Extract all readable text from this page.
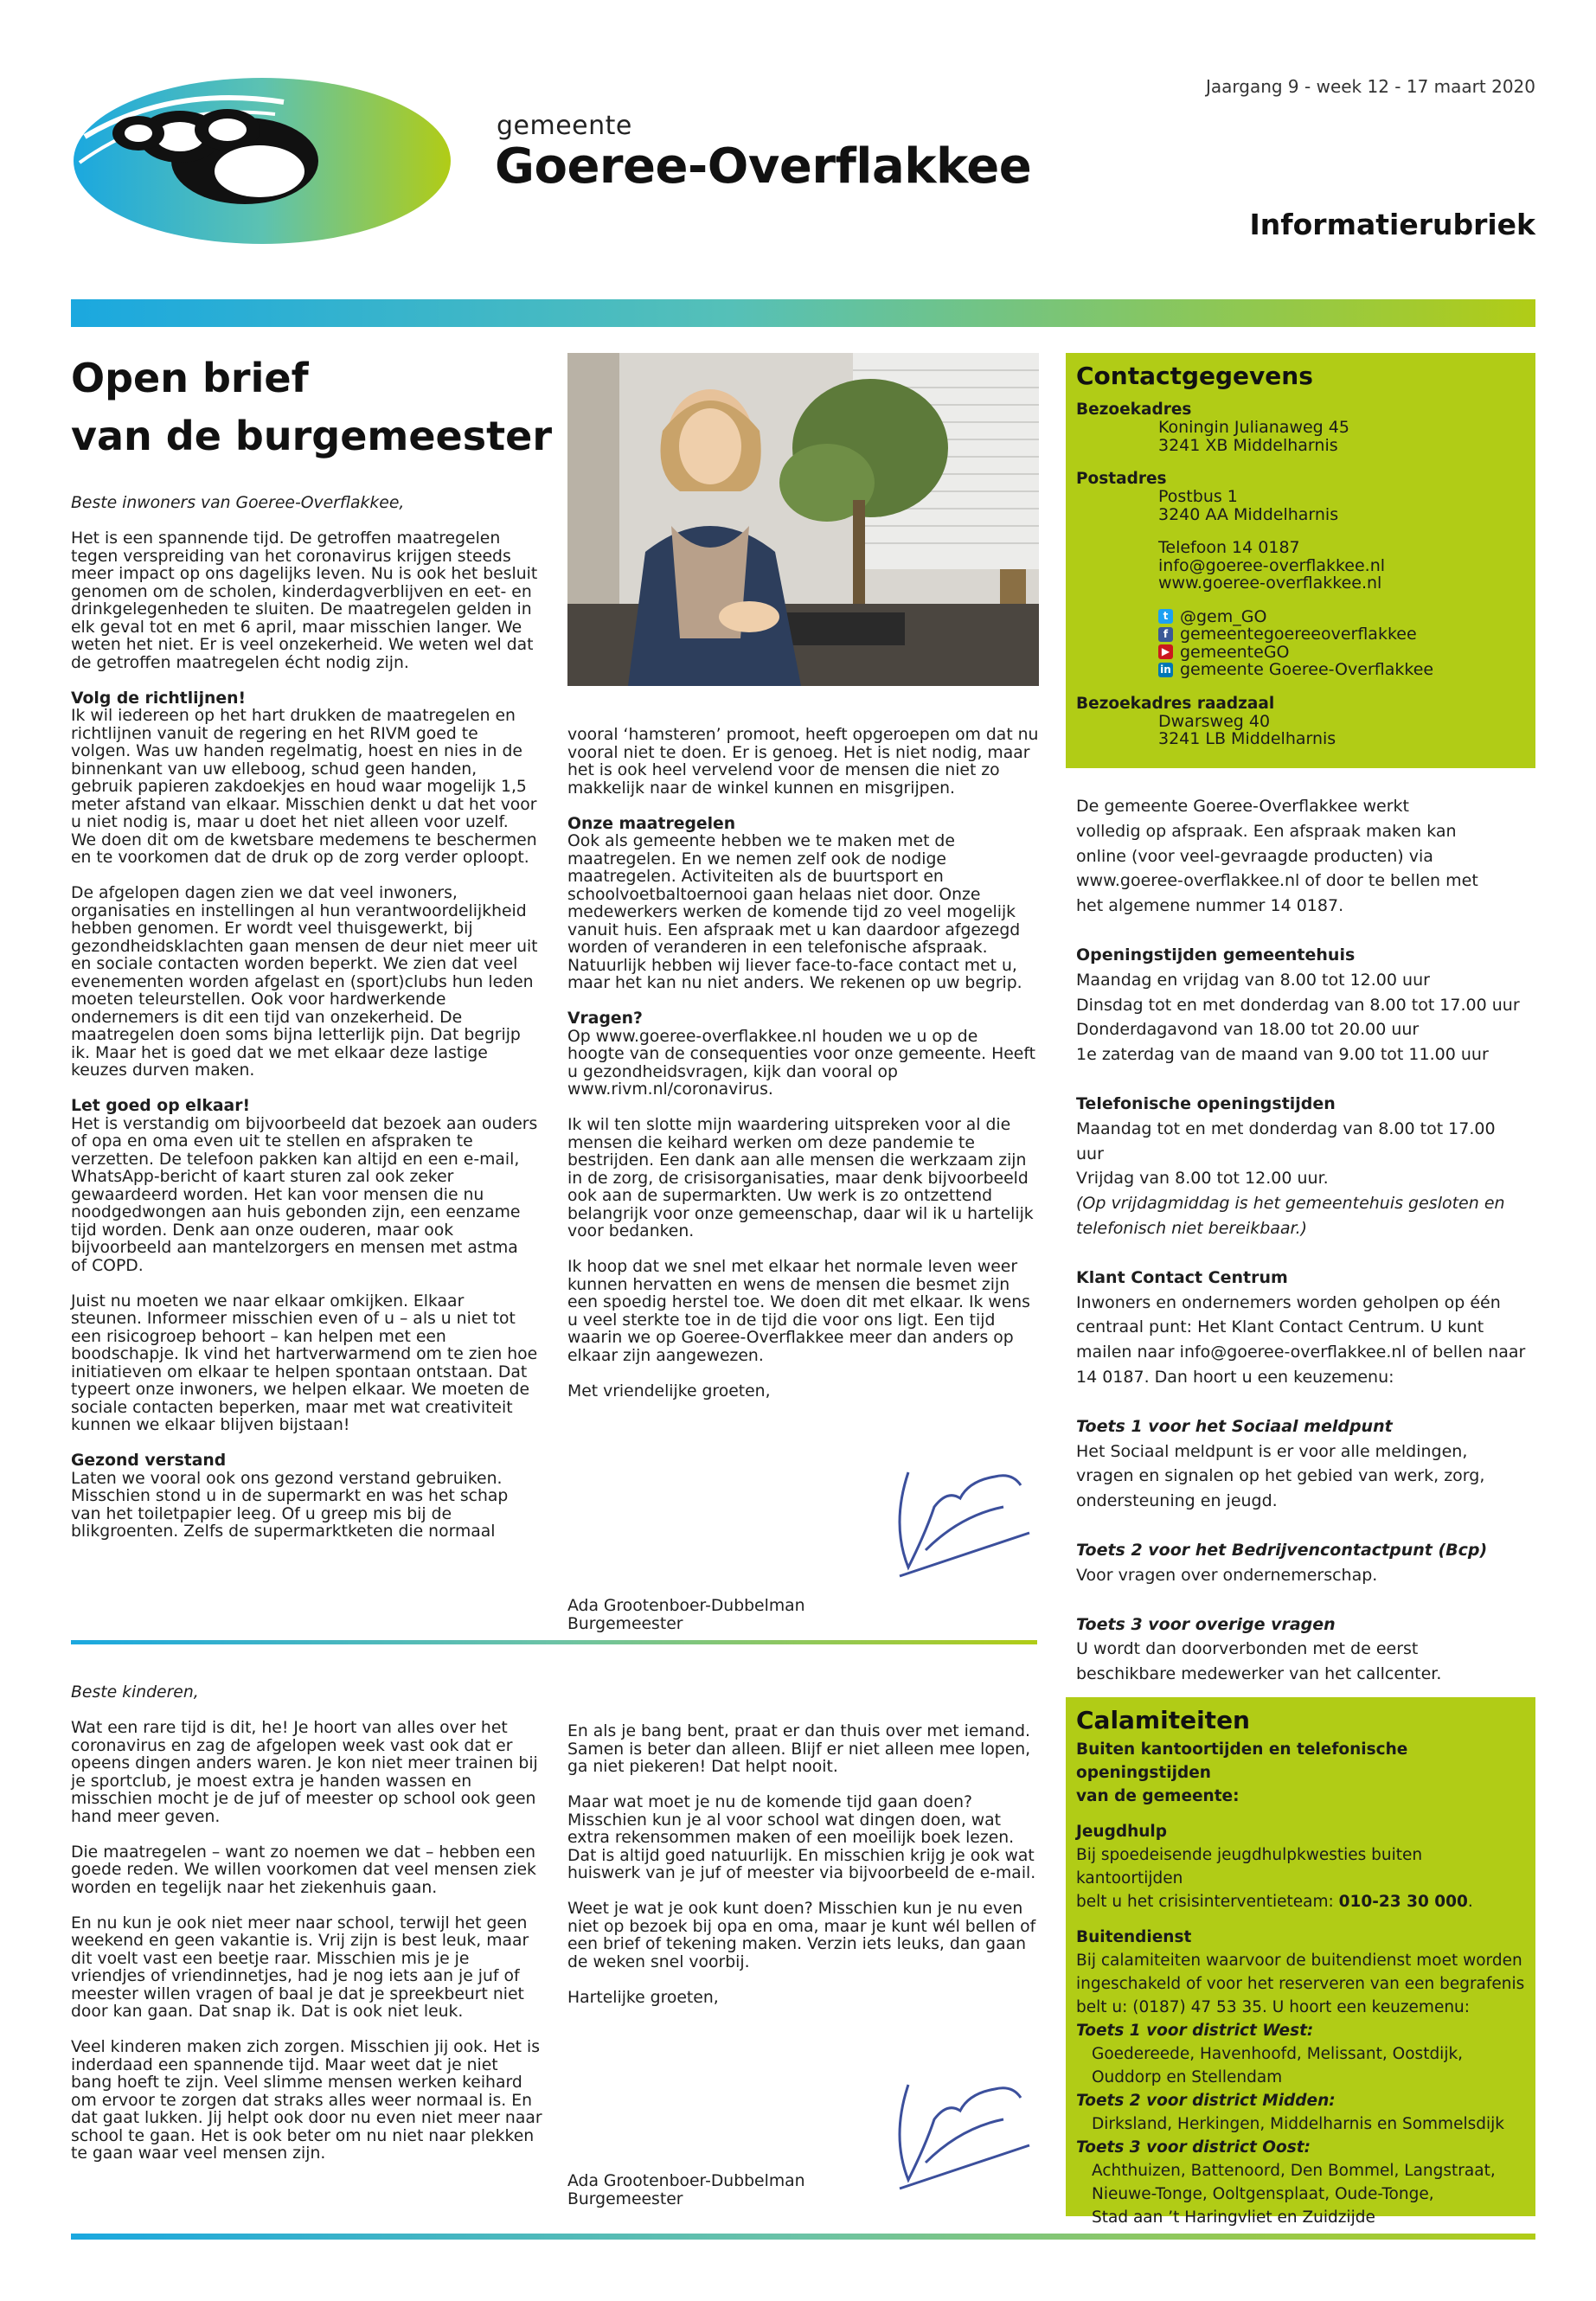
gemeente
Goeree-Overflakkee
Jaargang 9 - week 12 - 17 maart 2020
Informatierubriek
Open brief
van de burgemeester

Beste inwoners van Goeree-Overflakkee,

Het is een spannende tijd. De getroffen maatregelen tegen verspreiding van het coronavirus krijgen steeds meer impact op ons dagelijks leven. Nu is ook het besluit genomen om de scholen, kinderdagverblijven en eet- en drinkgelegenheden te sluiten. De maatregelen gelden in elk geval tot en met 6 april, maar misschien langer. We weten het niet. Er is veel onzekerheid. We weten wel dat de getroffen maatregelen écht nodig zijn.

Volg de richtlijnen!

Ik wil iedereen op het hart drukken de maatregelen en richtlijnen vanuit de regering en het RIVM goed te volgen. Was uw handen regelmatig, hoest en nies in de binnenkant van uw elleboog, schud geen handen, gebruik papieren zakdoekjes en houd waar mogelijk 1,5 meter afstand van elkaar. Misschien denkt u dat het voor u niet nodig is, maar u doet het niet alleen voor uzelf. We doen dit om de kwetsbare medemens te beschermen en te voorkomen dat de druk op de zorg verder oploopt.

De afgelopen dagen zien we dat veel inwoners, organisaties en instellingen al hun verantwoordelijkheid hebben genomen. Er wordt veel thuisgewerkt, bij gezondheidsklachten gaan mensen de deur niet meer uit en sociale contacten worden beperkt. We zien dat veel evenementen worden afgelast en (sport)clubs hun leden moeten teleurstellen. Ook voor hardwerkende ondernemers is dit een tijd van onzekerheid. De maatregelen doen soms bijna letterlijk pijn. Dat begrijp ik. Maar het is goed dat we met elkaar deze lastige keuzes durven maken.

Let goed op elkaar!

Het is verstandig om bijvoorbeeld dat bezoek aan ouders of opa en oma even uit te stellen en afspraken te verzetten. De telefoon pakken kan altijd en een e-mail, WhatsApp-bericht of kaart sturen zal ook zeker gewaardeerd worden. Het kan voor mensen die nu noodgedwongen aan huis gebonden zijn, een eenzame tijd worden. Denk aan onze ouderen, maar ook bijvoorbeeld aan mantelzorgers en mensen met astma of COPD.

Juist nu moeten we naar elkaar omkijken. Elkaar steunen. Informeer misschien even of u – als u niet tot een risicogroep behoort – kan helpen met een boodschapje. Ik vind het hartverwarmend om te zien hoe initiatieven om elkaar te helpen spontaan ontstaan. Dat typeert onze inwoners, we helpen elkaar. We moeten de sociale contacten beperken, maar met wat creativiteit kunnen we elkaar blijven bijstaan!

Gezond verstand

Laten we vooral ook ons gezond verstand gebruiken. Misschien stond u in de supermarkt en was het schap van het toiletpapier leeg. Of u greep mis bij de blikgroenten. Zelfs de supermarktketen die normaal

vooral ‘hamsteren’ promoot, heeft opgeroepen om dat nu vooral niet te doen. Er is genoeg. Het is niet nodig, maar het is ook heel vervelend voor de mensen die niet zo makkelijk naar de winkel kunnen en misgrijpen.

Onze maatregelen

Ook als gemeente hebben we te maken met de maatregelen. En we nemen zelf ook de nodige maatregelen. Activiteiten als de buurtsport en schoolvoetbaltoernooi gaan helaas niet door. Onze medewerkers werken de komende tijd zo veel mogelijk vanuit huis. Een afspraak met u kan daardoor afgezegd worden of veranderen in een telefonische afspraak. Natuurlijk hebben wij liever face-to-face contact met u, maar het kan nu niet anders. We rekenen op uw begrip.

Vragen?

Op www.goeree-overflakkee.nl houden we u op de hoogte van de consequenties voor onze gemeente. Heeft u gezondheidsvragen, kijk dan vooral op www.rivm.nl/coronavirus.

Ik wil ten slotte mijn waardering uitspreken voor al die mensen die keihard werken om deze pandemie te bestrijden. Een dank aan alle mensen die werkzaam zijn in de zorg, de crisisorganisaties, maar denk bijvoorbeeld ook aan de supermarkten. Uw werk is zo ontzettend belangrijk voor onze gemeenschap, daar wil ik u hartelijk voor bedanken.

Ik hoop dat we snel met elkaar het normale leven weer kunnen hervatten en wens de mensen die besmet zijn een spoedig herstel toe. We doen dit met elkaar. Ik wens u veel sterkte toe in de tijd die voor ons ligt. Een tijd waarin we op Goeree-Overflakkee meer dan anders op elkaar zijn aangewezen.

Met vriendelijke groeten,

Ada Grootenboer-Dubbelman
Burgemeester

Beste kinderen,

Wat een rare tijd is dit, he! Je hoort van alles over het coronavirus en zag de afgelopen week vast ook dat er opeens dingen anders waren. Je kon niet meer trainen bij je sportclub, je moest extra je handen wassen en misschien mocht je de juf of meester op school ook geen hand meer geven.

Die maatregelen – want zo noemen we dat – hebben een goede reden. We willen voorkomen dat veel mensen ziek worden en tegelijk naar het ziekenhuis gaan.

En nu kun je ook niet meer naar school, terwijl het geen weekend en geen vakantie is. Vrij zijn is best leuk, maar dit voelt vast een beetje raar. Misschien mis je je vriendjes of vriendinnetjes, had je nog iets aan je juf of meester willen vragen of baal je dat je spreekbeurt niet door kan gaan. Dat snap ik. Dat is ook niet leuk.

Veel kinderen maken zich zorgen. Misschien jij ook. Het is inderdaad een spannende tijd. Maar weet dat je niet bang hoeft te zijn. Veel slimme mensen werken keihard om ervoor te zorgen dat straks alles weer normaal is. En dat gaat lukken. Jij helpt ook door nu even niet meer naar school te gaan. Het is ook beter om nu niet naar plekken te gaan waar veel mensen zijn.

En als je bang bent, praat er dan thuis over met iemand. Samen is beter dan alleen. Blijf er niet alleen mee lopen, ga niet piekeren! Dat helpt nooit.

Maar wat moet je nu de komende tijd gaan doen? Misschien kun je al voor school wat dingen doen, wat extra rekensommen maken of een moeilijk boek lezen. Dat is altijd goed natuurlijk. En misschien krijg je ook wat huiswerk van je juf of meester via bijvoorbeeld de e-mail.

Weet je wat je ook kunt doen? Misschien kun je nu even niet op bezoek bij opa en oma, maar je kunt wél bellen of een brief of tekening maken. Verzin iets leuks, dan gaan de weken snel voorbij.

Hartelijke groeten,

Ada Grootenboer-Dubbelman
Burgemeester
Contactgegevens
Bezoekadres
Koningin Julianaweg 45
3241 XB Middelharnis
Postadres
Postbus 1
3240 AA Middelharnis
Telefoon 14 0187
info@goeree-overflakkee.nl
www.goeree-overflakkee.nl
t @gem_GO
f gemeentegoereeoverflakkee
▶ gemeenteGO
in gemeente Goeree-Overflakkee
Bezoekadres raadzaal
Dwarsweg 40
3241 LB Middelharnis
De gemeente Goeree-Overflakkee werkt
volledig op afspraak. Een afspraak maken kan
online (voor veel-gevraagde producten) via
www.goeree-overflakkee.nl of door te bellen met
het algemene nummer 14 0187.
Openingstijden gemeentehuis
Maandag en vrijdag van 8.00 tot 12.00 uur
Dinsdag tot en met donderdag van 8.00 tot 17.00 uur
Donderdagavond van 18.00 tot 20.00 uur
1e zaterdag van de maand van 9.00 tot 11.00 uur
Telefonische openingstijden
Maandag tot en met donderdag van 8.00 tot 17.00 uur
Vrijdag van 8.00 tot 12.00 uur.
(Op vrijdagmiddag is het gemeentehuis gesloten en
telefonisch niet bereikbaar.)
Klant Contact Centrum
Inwoners en ondernemers worden geholpen op één
centraal punt: Het Klant Contact Centrum. U kunt
mailen naar info@goeree-overflakkee.nl of bellen naar
14 0187. Dan hoort u een keuzemenu:
Toets 1 voor het Sociaal meldpunt
Het Sociaal meldpunt is er voor alle meldingen,
vragen en signalen op het gebied van werk, zorg,
ondersteuning en jeugd.
Toets 2 voor het Bedrijvencontactpunt (Bcp)
Voor vragen over ondernemerschap.
Toets 3 voor overige vragen
U wordt dan doorverbonden met de eerst
beschikbare medewerker van het callcenter.
Calamiteiten

Buiten kantoortijden en telefonische openingstijden

van de gemeente:

Jeugdhulp

Bij spoedeisende jeugdhulpkwesties buiten kantoortijden

belt u het crisisinterventieteam: 010-23 30 000.

Buitendienst

Bij calamiteiten waarvoor de buitendienst moet worden

ingeschakeld of voor het reserveren van een begrafenis

belt u: (0187) 47 53 35. U hoort een keuzemenu:

Toets 1 voor district West:

Goedereede, Havenhoofd, Melissant, Oostdijk,

Ouddorp en Stellendam

Toets 2 voor district Midden:

Dirksland, Herkingen, Middelharnis en Sommelsdijk

Toets 3 voor district Oost:

Achthuizen, Battenoord, Den Bommel, Langstraat,

Nieuwe-Tonge, Ooltgensplaat, Oude-Tonge,

Stad aan ’t Haringvliet en Zuidzijde
